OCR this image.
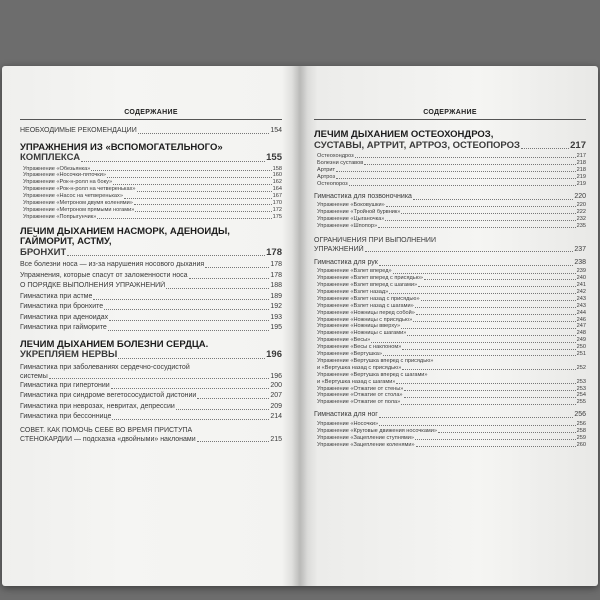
СОДЕРЖАНИЕ
НЕОБХОДИМЫЕ РЕКОМЕНДАЦИИ	154
УПРАЖНЕНИЯ ИЗ «ВСПОМОГАТЕЛЬНОГО»
КОМПЛЕКСА	155
Упражнение «Обезьянка»	158
Упражнение «Носочки-пяточки»	160
Упражнение «Рок-н-ролл на боку»	162
Упражнение «Рок-н-ролл на четвереньках»	164
Упражнение «Насос на четвереньках»	167
Упражнение «Метроном двумя коленями»	170
Упражнение «Метроном прямыми ногами»	172
Упражнение «Попрыгунчик»	175
ЛЕЧИМ ДЫХАНИЕМ НАСМОРК, АДЕНОИДЫ,
ГАЙМОРИТ, АСТМУ,
БРОНХИТ	178
Все болезни носа — из-за нарушения носового дыхания	178
Упражнения, которые спасут от заложенности носа	178
О ПОРЯДКЕ ВЫПОЛНЕНИЯ УПРАЖНЕНИЙ	188
Гимнастика при астме	189
Гимнастика при бронхите	192
Гимнастика при аденоидах	193
Гимнастика при гайморите	195
ЛЕЧИМ ДЫХАНИЕМ БОЛЕЗНИ СЕРДЦА.
УКРЕПЛЯЕМ НЕРВЫ	196
Гимнастика при заболеваниях сердечно-сосудистой
системы	196
Гимнастика при гипертонии	200
Гимнастика при синдроме вегетососудистой дистонии	207
Гимнастика при неврозах, невритах, депрессии	209
Гимнастика при бессоннице	214
СОВЕТ. КАК ПОМОЧЬ СЕБЕ ВО ВРЕМЯ ПРИСТУПА
СТЕНОКАРДИИ — подсказка «двойными» наклонами	215
СОДЕРЖАНИЕ
ЛЕЧИМ ДЫХАНИЕМ ОСТЕОХОНДРОЗ,
СУСТАВЫ, АРТРИТ, АРТРОЗ, ОСТЕОПОРОЗ	217
Остеохондроз	217
Болезни суставов	218
Артрит	218
Артроз	219
Остеопороз	219
Гимнастика для позвоночника	220
Упражнение «Боковушки»	220
Упражнение «Тройной бурвник»	222
Упражнение «Цыганочка»	232
Упражнение «Шпопор»	235
ОГРАНИЧЕНИЯ ПРИ ВЫПОЛНЕНИИ
УПРАЖНЕНИЙ	237
Гимнастика для рук	238
Упражнение «Взлет вперед»	239
Упражнение «Взлет вперед с присядью»	240
Упражнение «Взлет вперед с шагами»	241
Упражнение «Взлет назад»	242
Упражнение «Взлет назад с присядью»	243
Упражнение «Взлет назад с шагами»	243
Упражнение «Ножницы перед собой»	244
Упражнение «Ножницы с присядью»	246
Упражнение «Ножницы вверху»	247
Упражнение «Ножницы с шагами»	248
Упражнение «Весы»	249
Упражнение «Весы с наклоном»	250
Упражнение «Вертушка»	251
Упражнение «Вертушка вперед с присядью»
и «Вертушка назад с присядью»	252
Упражнение «Вертушка вперед с шагами»
и «Вертушка назад с шагами»	253
Упражнение «Отжатие от стены»	253
Упражнение «Отжатие от стола»	254
Упражнение «Отжатие от пола»	255
Гимнастика для ног	256
Упражнение «Носочки»	256
Упражнение «Круговые движения носочками»	258
Упражнение «Зацепление ступнями»	259
Упражнение «Зацепление коленями»	260
